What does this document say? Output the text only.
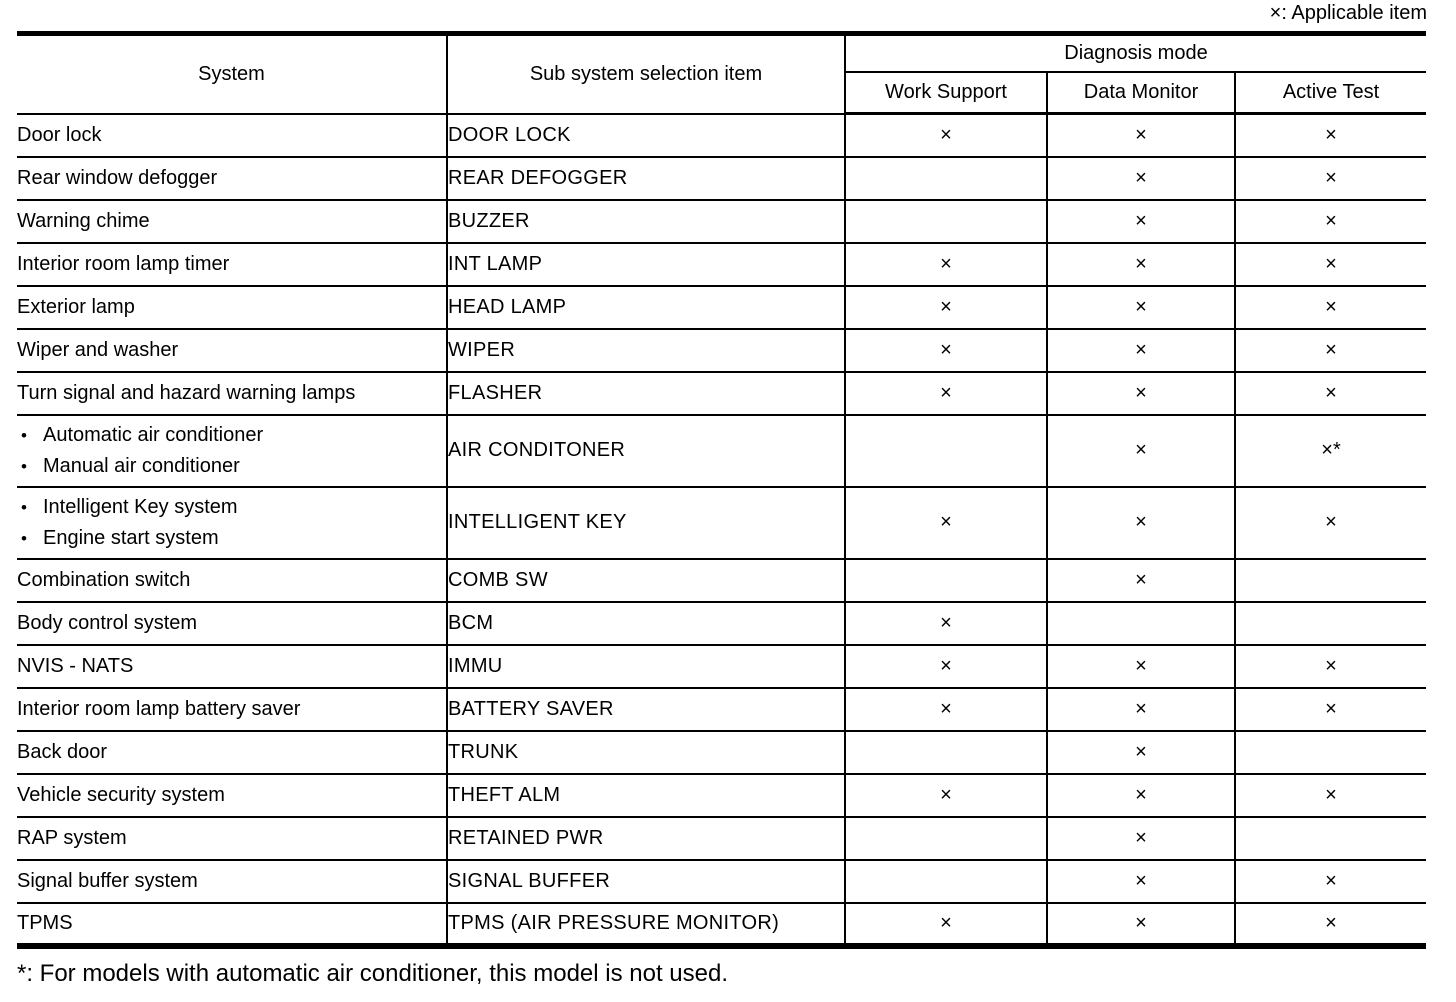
×: Applicable item
System	Sub system selection item	Diagnosis mode		
		Work Support	Data Monitor	Active Test
Door lock	DOOR LOCK	×	×	×
Rear window defogger	REAR DEFOGGER		×	×
Warning chime	BUZZER		×	×
Interior room lamp timer	INT LAMP	×	×	×
Exterior lamp	HEAD LAMP	×	×	×
Wiper and washer	WIPER	×	×	×
Turn signal and hazard warning lamps	FLASHER	×	×	×

• Automatic air conditioner
• Manual air conditioner	AIR CONDITONER		×	×*

• Intelligent Key system
• Engine start system	INTELLIGENT KEY	×	×	×
Combination switch	COMB SW		×	
Body control system	BCM	×		
NVIS - NATS	IMMU	×	×	×
Interior room lamp battery saver	BATTERY SAVER	×	×	×
Back door	TRUNK		×	
Vehicle security system	THEFT ALM	×	×	×
RAP system	RETAINED PWR		×	
Signal buffer system	SIGNAL BUFFER		×	×
TPMS	TPMS (AIR PRESSURE MONITOR)	×	×	×
*: For models with automatic air conditioner, this model is not used.
